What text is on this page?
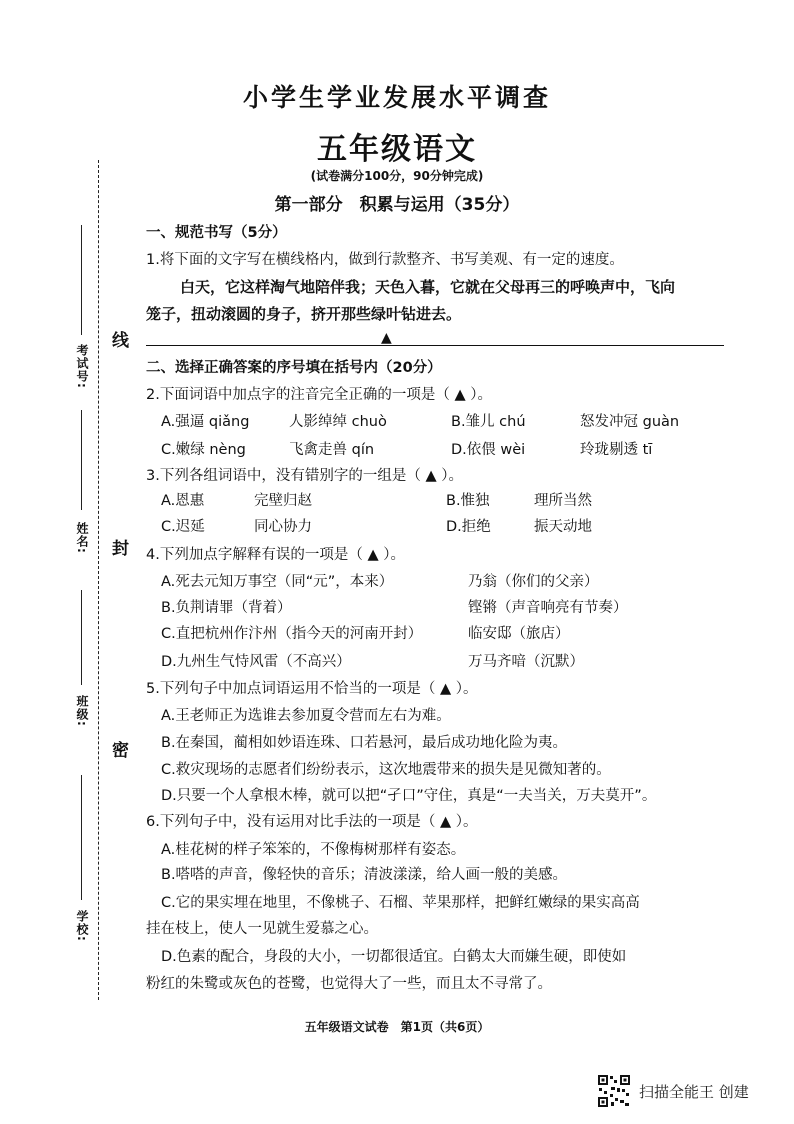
线
封
密
考试号:
姓名:
班级:
学校:
小学生学业发展水平调查
五年级语文
(试卷满分100分，90分钟完成)
第一部分　积累与运用（35分）
一、规范书写（5分）
1.将下面的文字写在横线格内，做到行款整齐、书写美观、有一定的速度。
白天，它这样淘气地陪伴我；天色入暮，它就在父母再三的呼唤声中，飞向
笼子，扭动滚圆的身子，挤开那些绿叶钻进去。
▲
二、选择正确答案的序号填在括号内（20分）
2.下面词语中加点字的注音完全正确的一项是（ ▲ ）。
A.强逼 qiǎng	人影绰绰 chuò	B.雏儿 chú	怒发冲冠 guàn
C.嫩绿 nèng	飞禽走兽 qín	D.依偎 wèi	玲珑剔透 tī
3.下列各组词语中，没有错别字的一组是（ ▲ ）。
A.恩惠	完壁归赵	B.惟独	理所当然
C.迟延	同心协力	D.拒绝	振天动地
4.下列加点字解释有误的一项是（ ▲ ）。
A.死去元知万事空（同“元”，本来）	乃翁（你们的父亲）
B.负荆请罪（背着）	铿锵（声音响亮有节奏）
C.直把杭州作汴州（指今天的河南开封）	临安邸（旅店）
D.九州生气恃风雷（不高兴）	万马齐喑（沉默）
5.下列句子中加点词语运用不恰当的一项是（ ▲ ）。
A.王老师正为选谁去参加夏令营而左右为难。
B.在秦国，蔺相如妙语连珠、口若悬河，最后成功地化险为夷。
C.救灾现场的志愿者们纷纷表示，这次地震带来的损失是见微知著的。
D.只要一个人拿根木棒，就可以把“孑口”守住，真是“一夫当关，万夫莫开”。
6.下列句子中，没有运用对比手法的一项是（ ▲ ）。
A.桂花树的样子笨笨的，不像梅树那样有姿态。
B.嗒嗒的声音，像轻快的音乐；清波漾漾，给人画一般的美感。
C.它的果实埋在地里，不像桃子、石榴、苹果那样，把鲜红嫩绿的果实高高
挂在枝上，使人一见就生爱慕之心。
D.色素的配合，身段的大小，一切都很适宜。白鹤太大而嫌生硬，即使如
粉红的朱鹭或灰色的苍鹭，也觉得大了一些，而且太不寻常了。
五年级语文试卷　第1页（共6页）
扫描全能王 创建
